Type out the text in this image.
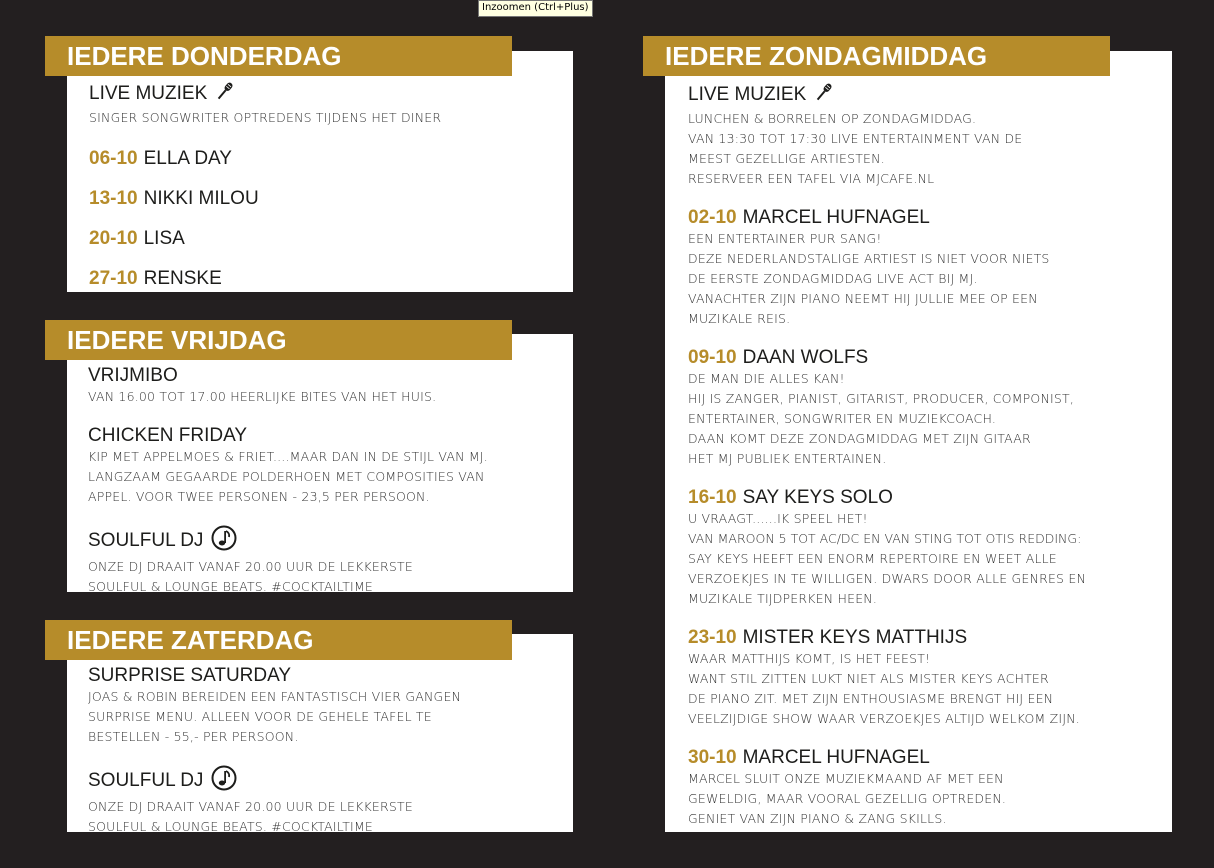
Inzoomen (Ctrl+Plus)
IEDERE DONDERDAG
LIVE MUZIEK
SINGER SONGWRITER OPTREDENS TIJDENS HET DINER
06-10 ELLA DAY
13-10 NIKKI MILOU
20-10 LISA
27-10 RENSKE
IEDERE VRIJDAG
VRIJMIBO
VAN 16.00 TOT 17.00 HEERLIJKE BITES VAN HET HUIS.
CHICKEN FRIDAY
KIP MET APPELMOES & FRIET....MAAR DAN IN DE STIJL VAN MJ.
LANGZAAM GEGAARDE POLDERHOEN MET COMPOSITIES VAN
APPEL. VOOR TWEE PERSONEN - 23,5 PER PERSOON.
SOULFUL DJ
ONZE DJ DRAAIT VANAF 20.00 UUR DE LEKKERSTE
SOULFUL & LOUNGE BEATS. #COCKTAILTIME
IEDERE ZATERDAG
SURPRISE SATURDAY
JOAS & ROBIN BEREIDEN EEN FANTASTISCH VIER GANGEN
SURPRISE MENU. ALLEEN VOOR DE GEHELE TAFEL TE
BESTELLEN - 55,- PER PERSOON.
SOULFUL DJ
ONZE DJ DRAAIT VANAF 20.00 UUR DE LEKKERSTE
SOULFUL & LOUNGE BEATS. #COCKTAILTIME
IEDERE ZONDAGMIDDAG
LIVE MUZIEK
LUNCHEN & BORRELEN OP ZONDAGMIDDAG.
VAN 13:30 TOT 17:30 LIVE ENTERTAINMENT VAN DE
MEEST GEZELLIGE ARTIESTEN.
RESERVEER EEN TAFEL VIA MJCAFE.NL
02-10 MARCEL HUFNAGEL
EEN ENTERTAINER PUR SANG!
DEZE NEDERLANDSTALIGE ARTIEST IS NIET VOOR NIETS
DE EERSTE ZONDAGMIDDAG LIVE ACT BIJ MJ.
VANACHTER ZIJN PIANO NEEMT HIJ JULLIE MEE OP EEN
MUZIKALE REIS.
09-10 DAAN WOLFS
DE MAN DIE ALLES KAN!
HIJ IS ZANGER, PIANIST, GITARIST, PRODUCER, COMPONIST,
ENTERTAINER, SONGWRITER EN MUZIEKCOACH.
DAAN KOMT DEZE ZONDAGMIDDAG MET ZIJN GITAAR
HET MJ PUBLIEK ENTERTAINEN.
16-10 SAY KEYS SOLO
U VRAAGT......IK SPEEL HET!
VAN MAROON 5 TOT AC/DC EN VAN STING TOT OTIS REDDING:
SAY KEYS HEEFT EEN ENORM REPERTOIRE EN WEET ALLE
VERZOEKJES IN TE WILLIGEN. DWARS DOOR ALLE GENRES EN
MUZIKALE TIJDPERKEN HEEN.
23-10 MISTER KEYS MATTHIJS
WAAR MATTHIJS KOMT, IS HET FEEST!
WANT STIL ZITTEN LUKT NIET ALS MISTER KEYS ACHTER
DE PIANO ZIT. MET ZIJN ENTHOUSIASME BRENGT HIJ EEN
VEELZIJDIGE SHOW WAAR VERZOEKJES ALTIJD WELKOM ZIJN.
30-10 MARCEL HUFNAGEL
MARCEL SLUIT ONZE MUZIEKMAAND AF MET EEN
GEWELDIG, MAAR VOORAL GEZELLIG OPTREDEN.
GENIET VAN ZIJN PIANO & ZANG SKILLS.
